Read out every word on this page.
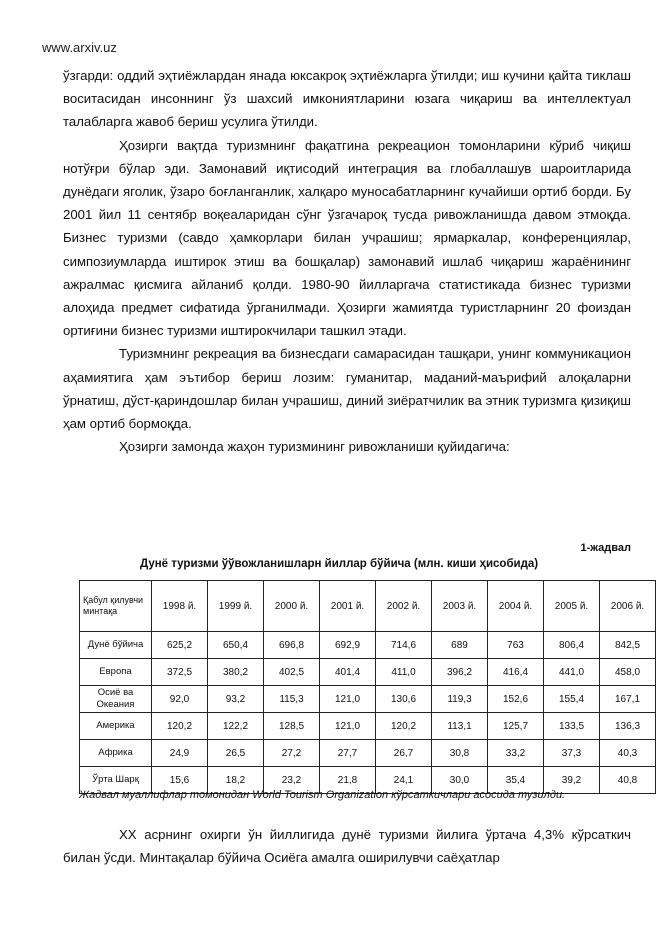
www.arxiv.uz

ўзгарди: оддий эҳтиёжлардан янада юксакроқ эҳтиёжларга ўтилди; иш кучини қайта тиклаш воситасидан инсоннинг ўз шахсий имкониятларини юзага чиқариш ва интеллектуал талабларга жавоб бериш усулига ўтилди.

Ҳозирги вақтда туризмнинг фақатгина рекреацион томонларини кўриб чиқиш нотўғри бўлар эди. Замонавий иқтисодий интеграция ва глобаллашув шароитларида дунёдаги яголик, ўзаро боғланганлик, халқаро муносабатларнинг кучайиши ортиб борди. Бу 2001 йил 11 сентябр воқеаларидан сўнг ўзгачароқ тусда ривожланишда давом этмоқда. Бизнес туризми (савдо ҳамкорлари билан учрашиш; ярмаркалар, конференциялар, симпозиумларда иштирок этиш ва бошқалар) замонавий ишлаб чиқариш жараёнининг ажралмас қисмига айланиб қолди. 1980-90 йилларгача статистикада бизнес туризми алоҳида предмет сифатида ўрганилмади. Ҳозирги жамиятда туристларнинг 20 фоиздан ортиғини бизнес туризми иштирокчилари ташкил этади.

Туризмнинг рекреация ва бизнесдаги самарасидан ташқари, унинг коммуникацион аҳамиятига ҳам эътибор бериш лозим: гуманитар, маданий-маърифий алоқаларни ўрнатиш, дўст-қариндошлар билан учрашиш, диний зиёратчилик ва этник туризмга қизиқиш ҳам ортиб бормоқда.

Ҳозирги замонда жаҳон туризмининг ривожланиши қуйидагича:

1-жадвал
Дунё туризми ўўвожланишларн йиллар бўйича (млн. киши ҳисобида)
Қабул қилувчи минтақа	1998 й.	1999 й.	2000 й.	2001 й.	2002 й.	2003 й.	2004 й.	2005 й.	2006 й.
Дунё бўйича	625,2	650,4	696,8	692,9	714,6	689	763	806,4	842,5
Европа	372,5	380,2	402,5	401,4	411,0	396,2	416,4	441,0	458,0
Осиё ва Океания	92,0	93,2	115,3	121,0	130,6	119,3	152,6	155,4	167,1
Америка	120,2	122,2	128,5	121,0	120,2	113,1	125,7	133,5	136,3
Африка	24,9	26,5	27,2	27,7	26,7	30,8	33,2	37,3	40,3
Ўрта Шарқ	15,6	18,2	23,2	21,8	24,1	30,0	35,4	39,2	40,8
Жадвал муаллифлар томонидан World Tourism Organization кўрсаткичлари асосида тузилди.

XX асрнинг охирги ўн йиллигида дунё туризми йилига ўртача 4,3% кўрсаткич билан ўсди. Минтақалар бўйича Осиёга амалга оширилувчи саёҳатлар
